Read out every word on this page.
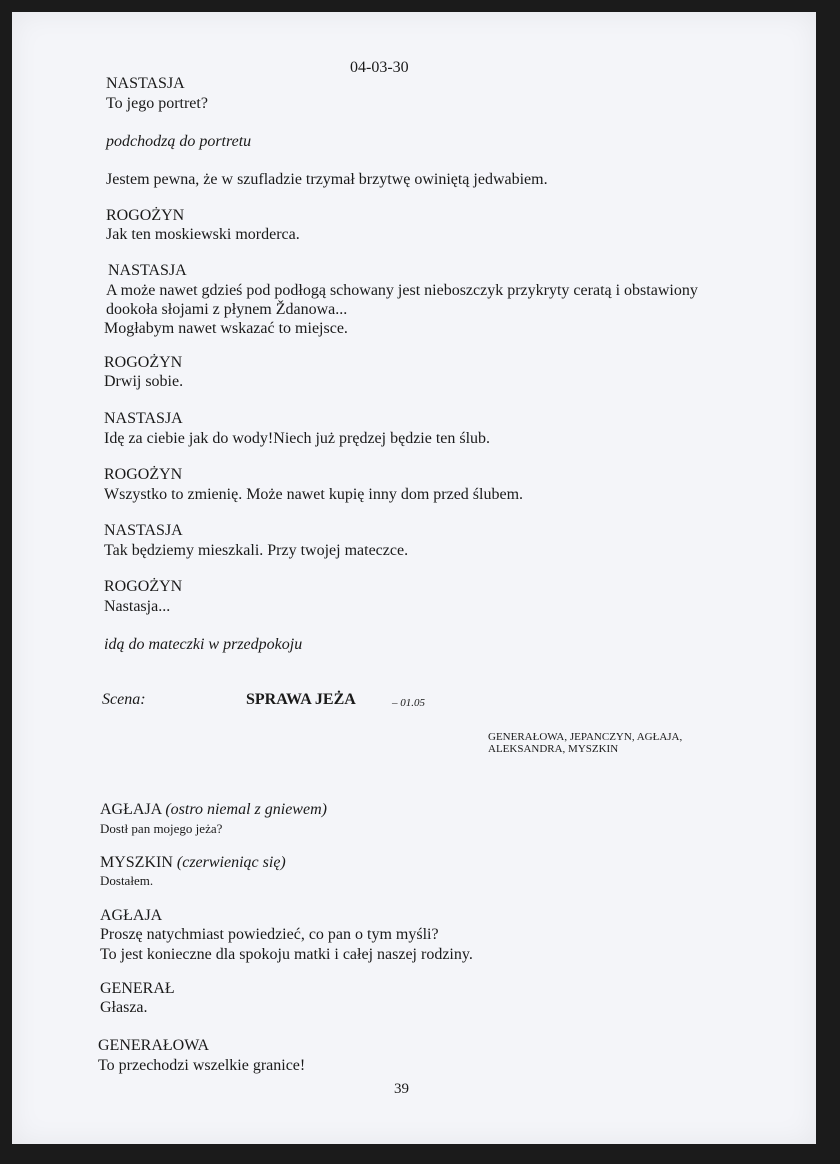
04-03-30
NASTASJA
To jego portret?
podchodzą do portretu
Jestem pewna, że w szufladzie trzymał brzytwę owiniętą jedwabiem.
ROGOŻYN
Jak ten moskiewski morderca.
NASTASJA
A może nawet gdzieś pod podłogą schowany jest nieboszczyk przykryty ceratą i obstawiony
dookoła słojami z płynem Ždanowa...
Mogłabym nawet wskazać to miejsce.
ROGOŻYN
Drwij sobie.
NASTASJA
Idę za ciebie jak do wody!Niech już prędzej będzie ten ślub.
ROGOŻYN
Wszystko to zmienię. Może nawet kupię inny dom przed ślubem.
NASTASJA
Tak będziemy mieszkali. Przy twojej mateczce.
ROGOŻYN
Nastasja...
idą do mateczki w przedpokoju
Scena:	SPRAWA JEŻA	– 01.05
GENERAŁOWA, JEPANCZYN, AGŁAJA,
ALEKSANDRA, MYSZKIN
AGŁAJA (ostro niemal z gniewem)
Dostł pan mojego jeża?
MYSZKIN (czerwieniąc się)
Dostałem.
AGŁAJA
Proszę natychmiast powiedzieć, co pan o tym myśli?
To jest konieczne dla spokoju matki i całej naszej rodziny.
GENERAŁ
Głasza.
GENERAŁOWA
To przechodzi wszelkie granice!
39
